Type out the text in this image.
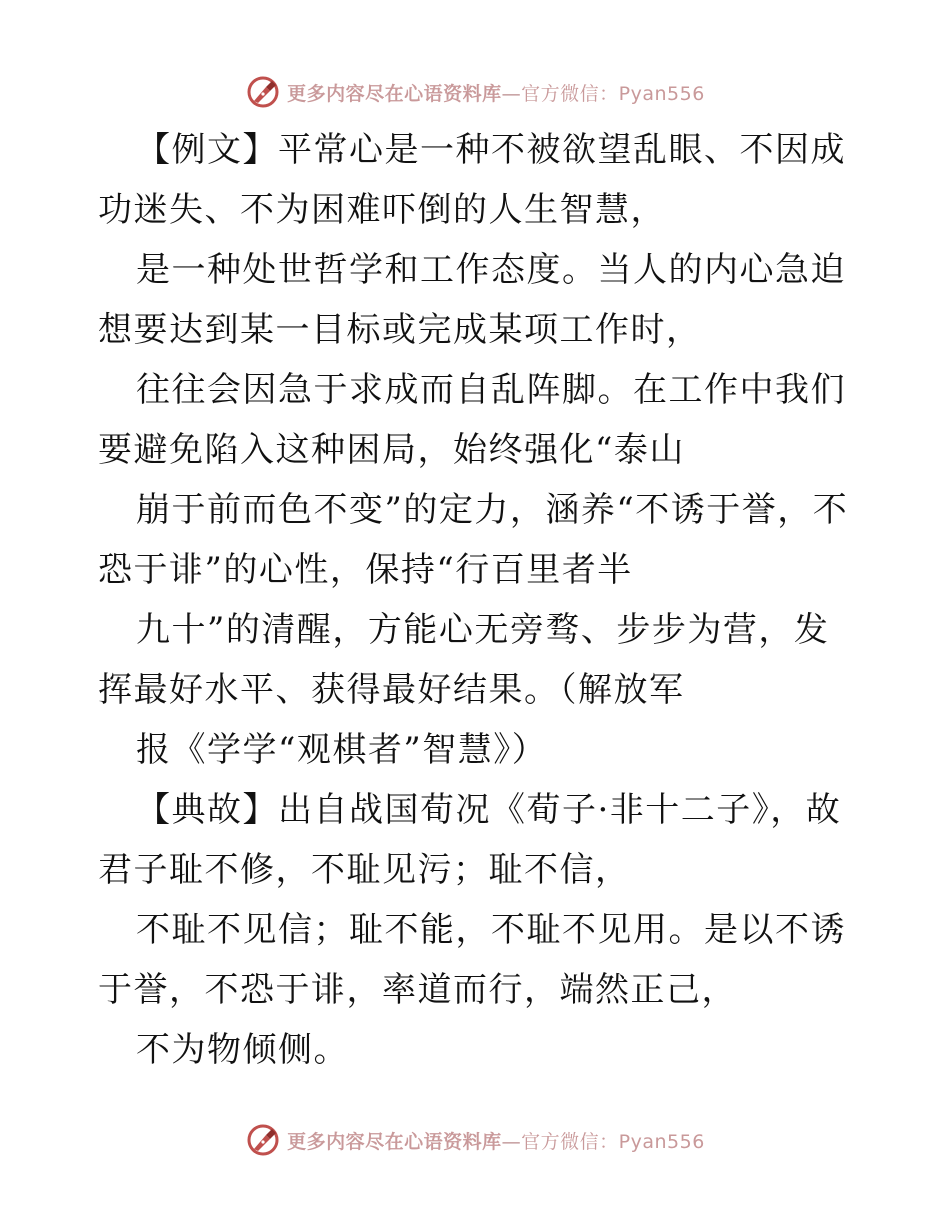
更多内容尽在心语资料库—官方微信：Pyan556

【例文】平常心是一种不被欲望乱眼、不因成功迷失、不为困难吓倒的人生智慧，

是一种处世哲学和工作态度。当人的内心急迫想要达到某一目标或完成某项工作时，

往往会因急于求成而自乱阵脚。在工作中我们要避免陷入这种困局，始终强化“泰山

崩于前而色不变”的定力，涵养“不诱于誉，不恐于诽”的心性，保持“行百里者半

九十”的清醒，方能心无旁骛、步步为营，发挥最好水平、获得最好结果。（解放军

报《学学“观棋者”智慧》）

【典故】出自战国荀况《荀子·非十二子》，故君子耻不修，不耻见污；耻不信，

不耻不见信；耻不能，不耻不见用。是以不诱于誉，不恐于诽，率道而行，端然正己，

不为物倾侧。

更多内容尽在心语资料库—官方微信：Pyan556
